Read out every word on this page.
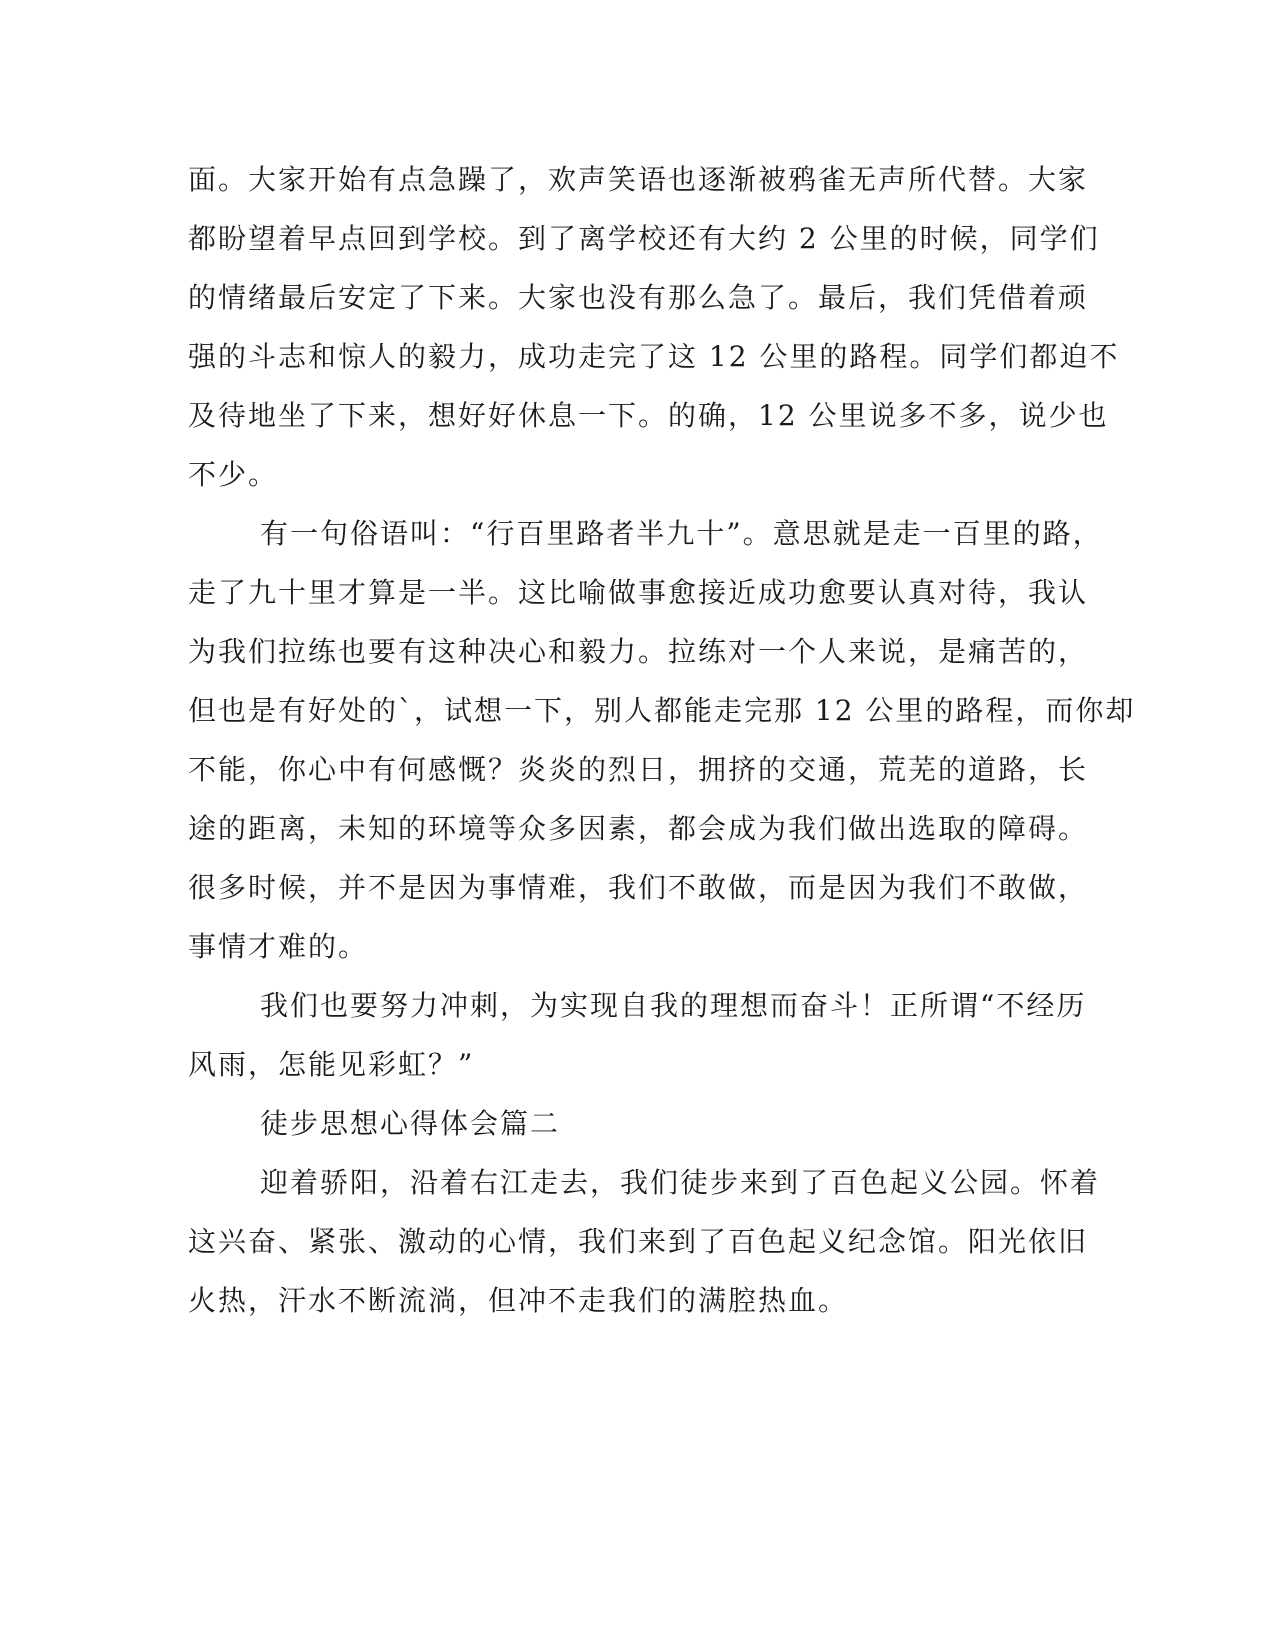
面。大家开始有点急躁了，欢声笑语也逐渐被鸦雀无声所代替。大家
都盼望着早点回到学校。到了离学校还有大约 2 公里的时候，同学们
的情绪最后安定了下来。大家也没有那么急了。最后，我们凭借着顽
强的斗志和惊人的毅力，成功走完了这 12 公里的路程。同学们都迫不
及待地坐了下来，想好好休息一下。的确，12 公里说多不多，说少也
不少。
有一句俗语叫：“行百里路者半九十”。意思就是走一百里的路，
走了九十里才算是一半。这比喻做事愈接近成功愈要认真对待，我认
为我们拉练也要有这种决心和毅力。拉练对一个人来说，是痛苦的，
但也是有好处的`，试想一下，别人都能走完那 12 公里的路程，而你却
不能，你心中有何感慨？炎炎的烈日，拥挤的交通，荒芜的道路，长
途的距离，未知的环境等众多因素，都会成为我们做出选取的障碍。
很多时候，并不是因为事情难，我们不敢做，而是因为我们不敢做，
事情才难的。
我们也要努力冲刺，为实现自我的理想而奋斗！正所谓“不经历
风雨，怎能见彩虹？”
徒步思想心得体会篇二
迎着骄阳，沿着右江走去，我们徒步来到了百色起义公园。怀着
这兴奋、紧张、激动的心情，我们来到了百色起义纪念馆。阳光依旧
火热，汗水不断流淌，但冲不走我们的满腔热血。
